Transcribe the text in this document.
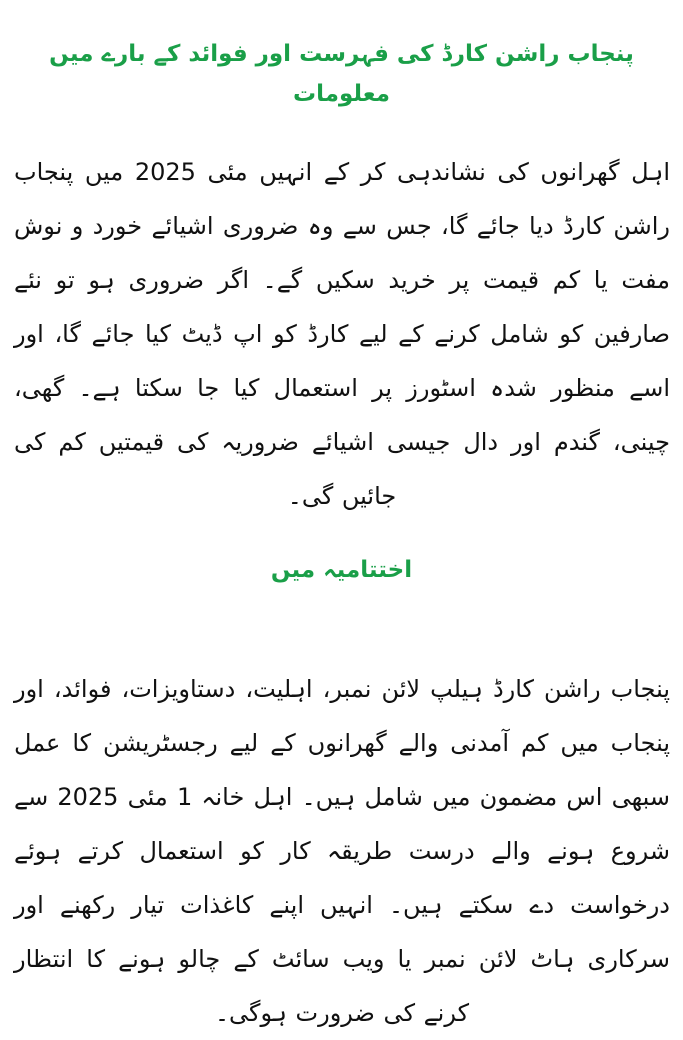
پنجاب راشن کارڈ کی فہرست اور فوائد کے بارے میں معلومات

اہل گھرانوں کی نشاندہی کر کے انہیں مئی 2025 میں پنجاب راشن کارڈ دیا جائے گا، جس سے وہ ضروری اشیائے خورد و نوش مفت یا کم قیمت پر خرید سکیں گے۔ اگر ضروری ہو تو نئے صارفین کو شامل کرنے کے لیے کارڈ کو اپ ڈیٹ کیا جائے گا، اور اسے منظور شدہ اسٹورز پر استعمال کیا جا سکتا ہے۔ گھی، چینی، گندم اور دال جیسی اشیائے ضروریہ کی قیمتیں کم کی جائیں گی۔

اختتامیہ میں

پنجاب راشن کارڈ ہیلپ لائن نمبر، اہلیت، دستاویزات، فوائد، اور پنجاب میں کم آمدنی والے گھرانوں کے لیے رجسٹریشن کا عمل سبھی اس مضمون میں شامل ہیں۔ اہل خانہ 1 مئی 2025 سے شروع ہونے والے درست طریقہ کار کو استعمال کرتے ہوئے درخواست دے سکتے ہیں۔ انہیں اپنے کاغذات تیار رکھنے اور سرکاری ہاٹ لائن نمبر یا ویب سائٹ کے چالو ہونے کا انتظار کرنے کی ضرورت ہوگی۔
